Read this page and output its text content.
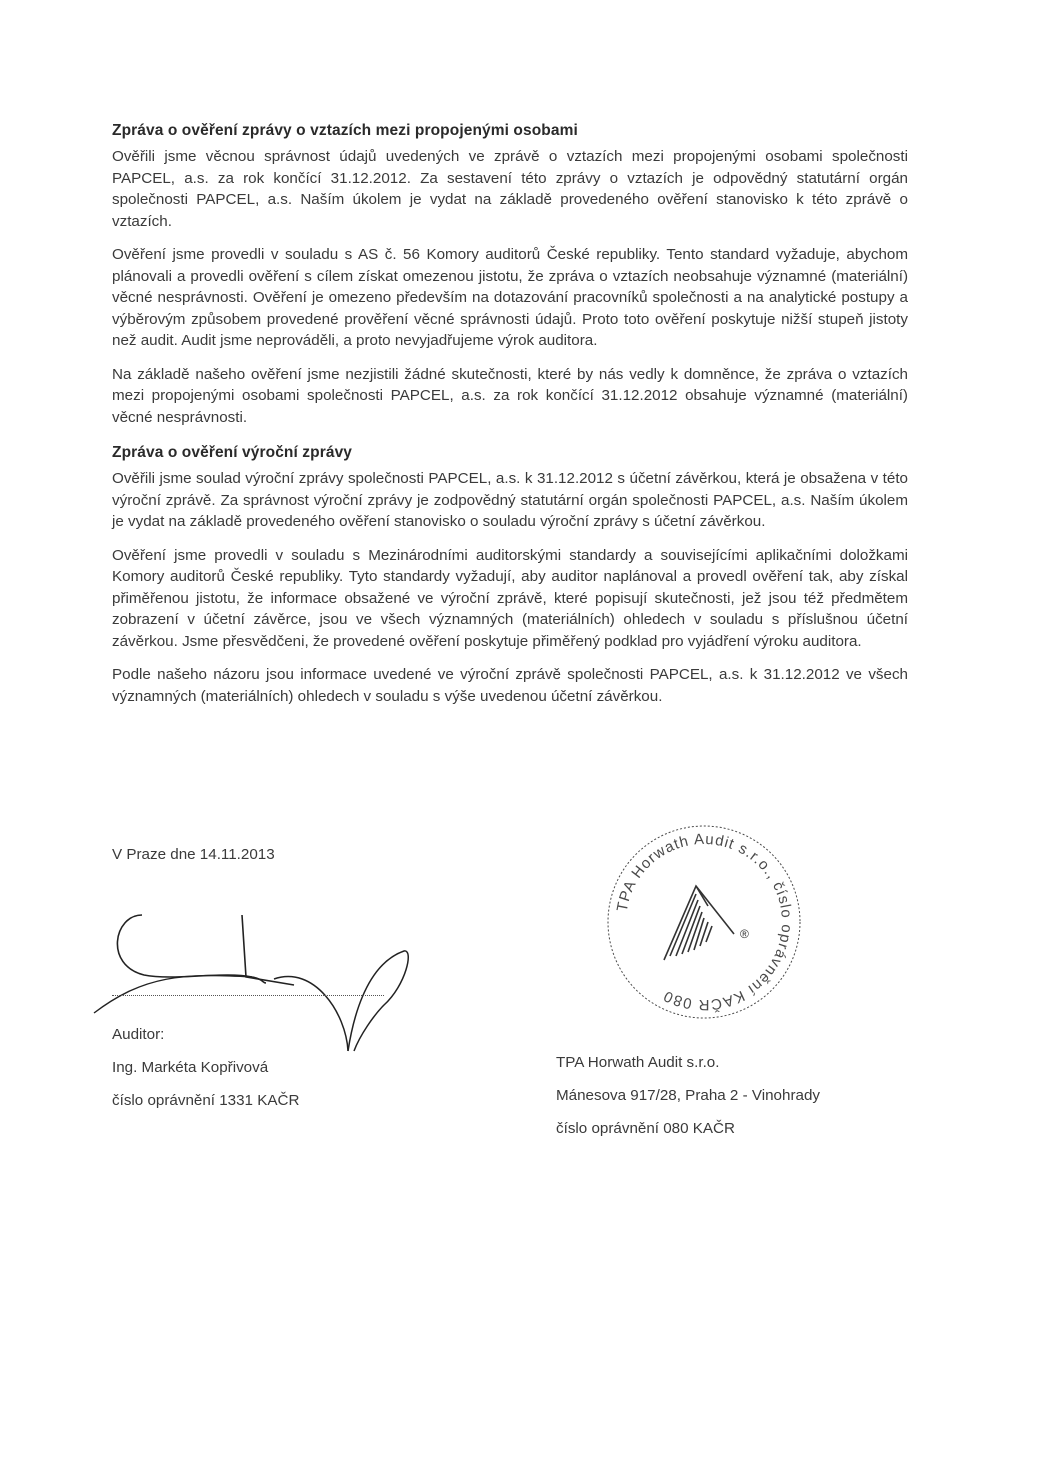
Zpráva o ověření zprávy o vztazích mezi propojenými osobami

Ověřili jsme věcnou správnost údajů uvedených ve zprávě o vztazích mezi propojenými osobami společnosti PAPCEL, a.s. za rok končící 31.12.2012. Za sestavení této zprávy o vztazích je odpovědný statutární orgán společnosti PAPCEL, a.s. Naším úkolem je vydat na základě provedeného ověření stanovisko k této zprávě o vztazích.

Ověření jsme provedli v souladu s AS č. 56 Komory auditorů České republiky. Tento standard vyžaduje, abychom plánovali a provedli ověření s cílem získat omezenou jistotu, že zpráva o vztazích neobsahuje významné (materiální) věcné nesprávnosti. Ověření je omezeno především na dotazování pracovníků společnosti a na analytické postupy a výběrovým způsobem provedené prověření věcné správnosti údajů. Proto toto ověření poskytuje nižší stupeň jistoty než audit. Audit jsme neprováděli, a proto nevyjadřujeme výrok auditora.

Na základě našeho ověření jsme nezjistili žádné skutečnosti, které by nás vedly k domněnce, že zpráva o vztazích mezi propojenými osobami společnosti PAPCEL, a.s. za rok končící 31.12.2012 obsahuje významné (materiální) věcné nesprávnosti.

Zpráva o ověření výroční zprávy

Ověřili jsme soulad výroční zprávy společnosti PAPCEL, a.s. k 31.12.2012 s účetní závěrkou, která je obsažena v této výroční zprávě. Za správnost výroční zprávy je zodpovědný statutární orgán společnosti PAPCEL, a.s. Naším úkolem je vydat na základě provedeného ověření stanovisko o souladu výroční zprávy s účetní závěrkou.

Ověření jsme provedli v souladu s Mezinárodními auditorskými standardy a souvisejícími aplikačními doložkami Komory auditorů České republiky. Tyto standardy vyžadují, aby auditor naplánoval a provedl ověření tak, aby získal přiměřenou jistotu, že informace obsažené ve výroční zprávě, které popisují skutečnosti, jež jsou též předmětem zobrazení v účetní závěrce, jsou ve všech významných (materiálních) ohledech v souladu s příslušnou účetní závěrkou. Jsme přesvědčeni, že provedené ověření poskytuje přiměřený podklad pro vyjádření výroku auditora.

Podle našeho názoru jsou informace uvedené ve výroční zprávě společnosti PAPCEL, a.s. k 31.12.2012 ve všech významných (materiálních) ohledech v souladu s výše uvedenou účetní závěrkou.

V Praze dne 14.11.2013
Auditor:
Ing. Markéta Kopřivová
číslo oprávnění 1331 KAČR
TPA Horwath Audit s.r.o., číslo oprávnění KAČR 080
®
TPA Horwath Audit s.r.o.
Mánesova 917/28, Praha 2 - Vinohrady
číslo oprávnění 080 KAČR
